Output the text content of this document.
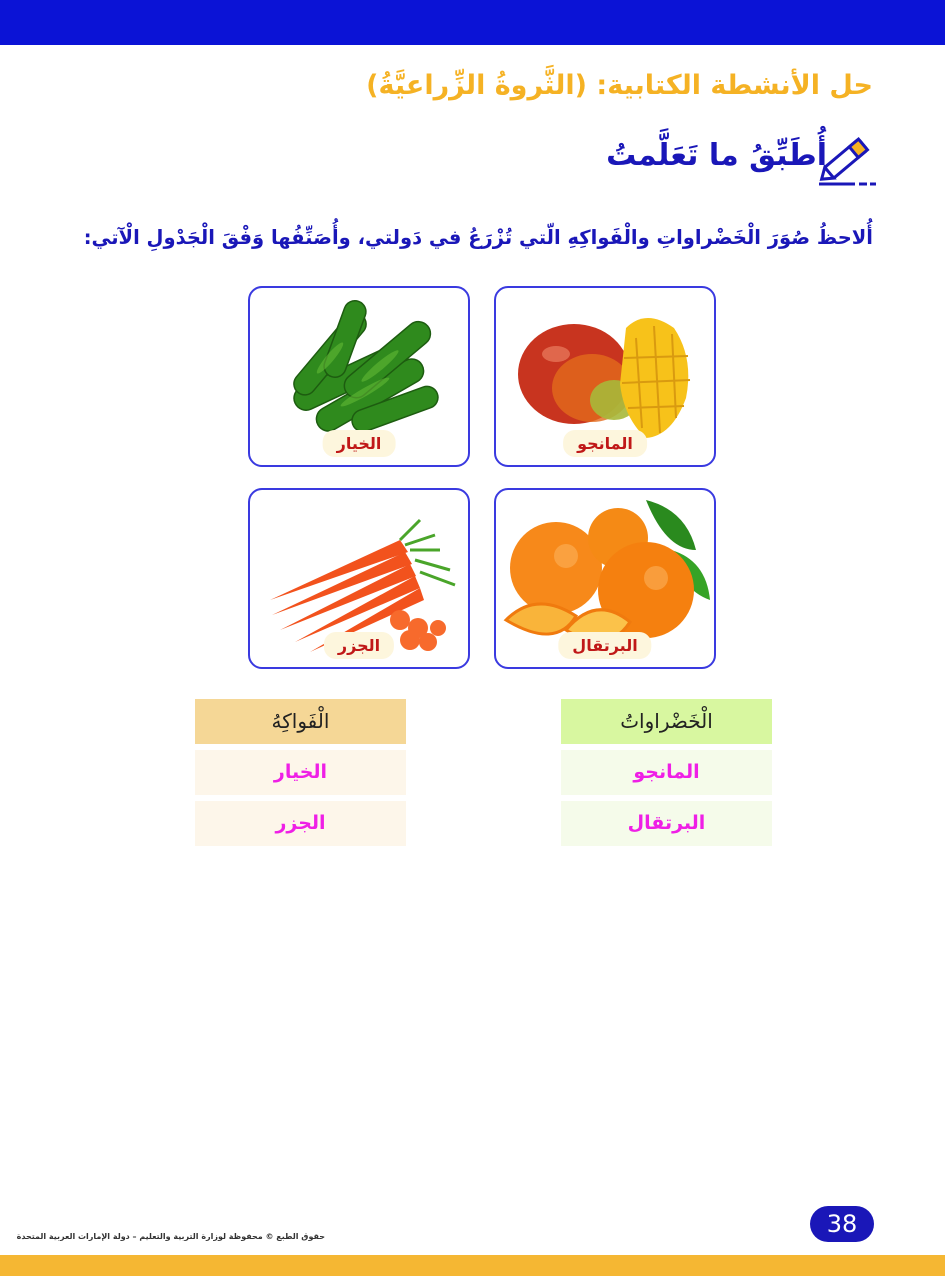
حل الأنشطة الكتابية: (الثَّروةُ الزِّراعيَّةُ)
أُطَبِّقُ ما تَعَلَّمتُ
أُلاحظُ صُوَرَ الْخَضْراواتِ والْفَواكِهِ الّتي تُزْرَعُ في دَولتي، وأُصَنِّفُها وَفْقَ الْجَدْولِ الْآتي:
المانجو
الخيار
البرتقال
الجزر
الْخَضْراواتُ
المانجو
البرتقال
الْفَواكِهُ
الخيار
الجزر
38
حقوق الطبع © محفوظة لوزارة التربية والتعليم – دولة الإمارات العربية المتحدة
